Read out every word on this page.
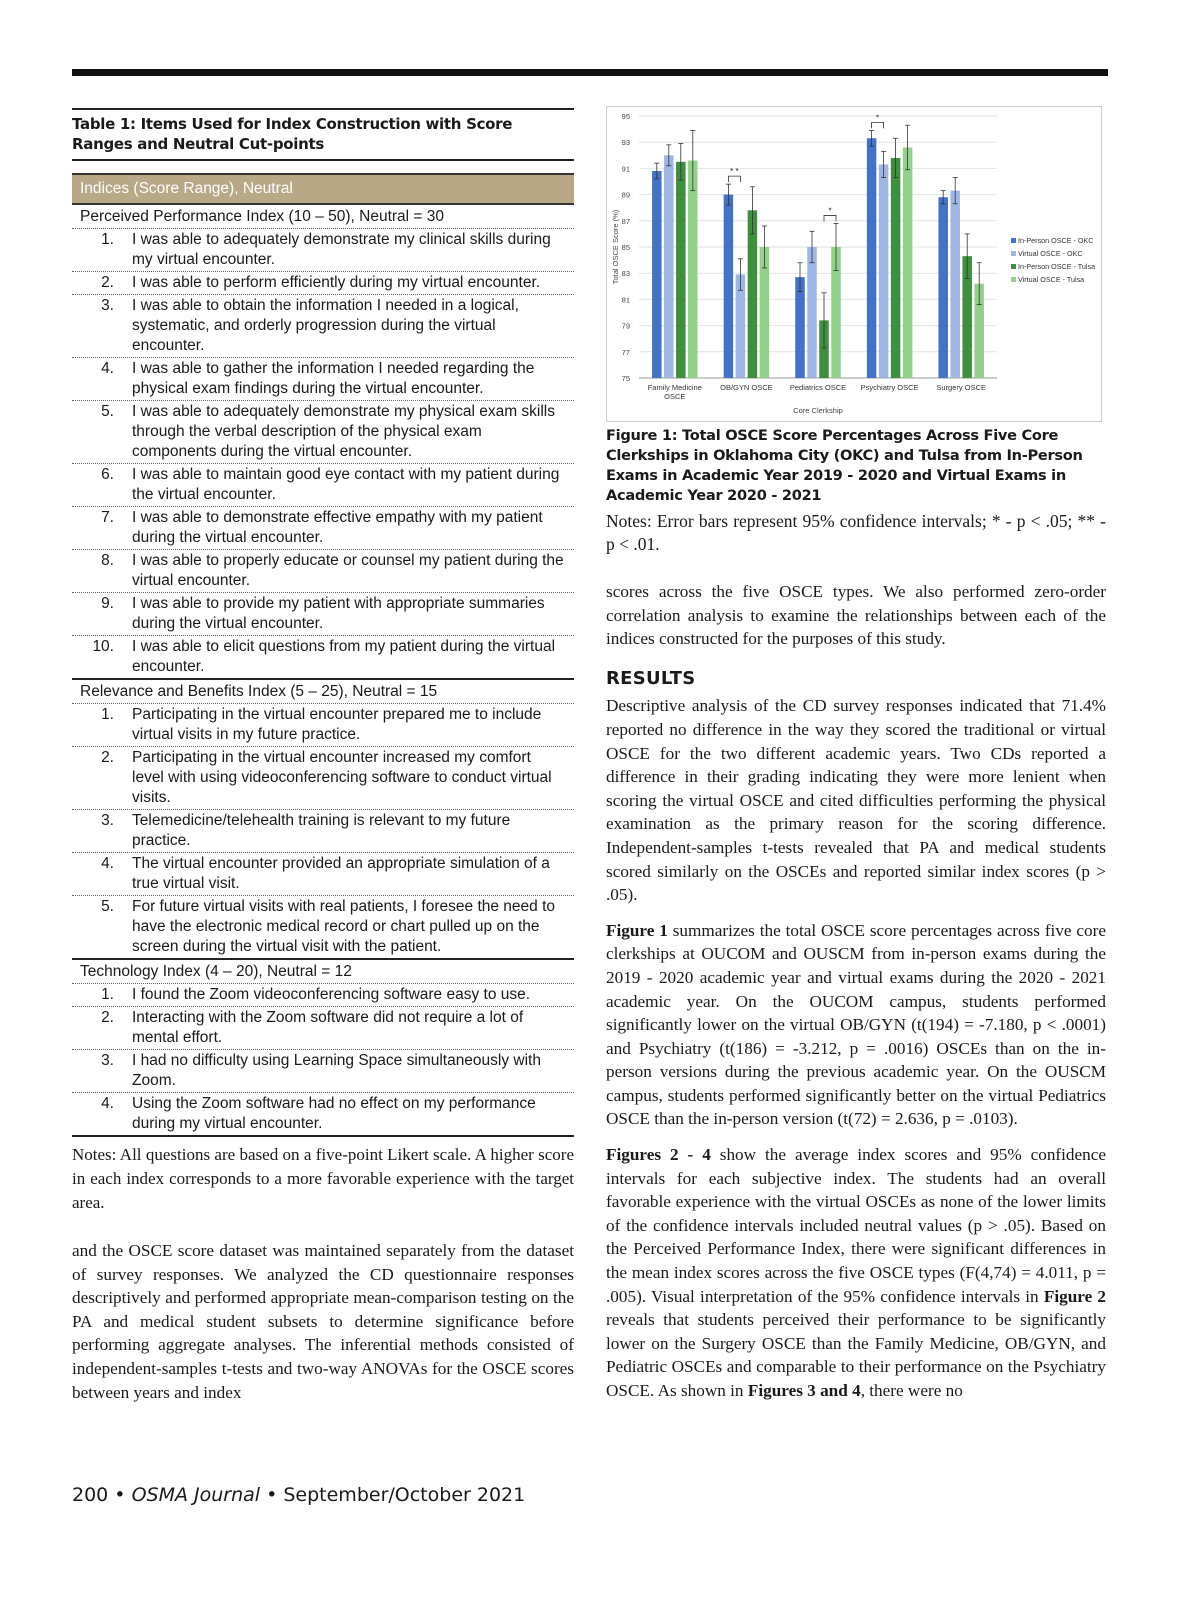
Table 1: Items Used for Index Construction with Score Ranges and Neutral Cut-points
Indices (Score Range), Neutral
Perceived Performance Index (10 – 50), Neutral = 30
1.	I was able to adequately demonstrate my clinical skills during my virtual encounter.
2.	I was able to perform efficiently during my virtual encounter.
3.	I was able to obtain the information I needed in a logical, systematic, and orderly progression during the virtual encounter.
4.	I was able to gather the information I needed regarding the physical exam findings during the virtual encounter.
5.	I was able to adequately demonstrate my physical exam skills through the verbal description of the physical exam components during the virtual encounter.
6.	I was able to maintain good eye contact with my patient during the virtual encounter.
7.	I was able to demonstrate effective empathy with my patient during the virtual encounter.
8.	I was able to properly educate or counsel my patient during the virtual encounter.
9.	I was able to provide my patient with appropriate summaries during the virtual encounter.
10.	I was able to elicit questions from my patient during the virtual encounter.
Relevance and Benefits Index (5 – 25), Neutral = 15
1.	Participating in the virtual encounter prepared me to include virtual visits in my future practice.
2.	Participating in the virtual encounter increased my comfort level with using videoconferencing software to conduct virtual visits.
3.	Telemedicine/telehealth training is relevant to my future practice.
4.	The virtual encounter provided an appropriate simulation of a true virtual visit.
5.	For future virtual visits with real patients, I foresee the need to have the electronic medical record or chart pulled up on the screen during the virtual visit with the patient.
Technology Index (4 – 20), Neutral = 12
1.	I found the Zoom videoconferencing software easy to use.
2.	Interacting with the Zoom software did not require a lot of mental effort.
3.	I had no difficulty using Learning Space simultaneously with Zoom.
4.	Using the Zoom software had no effect on my performance during my virtual encounter.
Notes: All questions are based on a five-point Likert scale. A higher score in each index corresponds to a more favorable experience with the target area.
and the OSCE score dataset was maintained separately from the dataset of survey responses. We analyzed the CD questionnaire responses descriptively and performed appropriate mean-comparison testing on the PA and medical student subsets to determine significance before performing aggregate analyses. The inferential methods consisted of independent-samples t-tests and two-way ANOVAs for the OSCE scores between years and index
75
77
79
81
83
85
87
89
91
93
95
Total OSCE Score (%)
Family Medicine
OSCE
OB/GYN OSCE Pediatrics OSCE Psychiatry OSCE Surgery OSCE
Core Clerkship
* *
*
*
In-Person OSCE - OKC
Virtual OSCE - OKC
In-Person OSCE - Tulsa
Virtual OSCE - Tulsa
Figure 1: Total OSCE Score Percentages Across Five Core Clerkships in Oklahoma City (OKC) and Tulsa from In-Person Exams in Academic Year 2019 - 2020 and Virtual Exams in Academic Year 2020 - 2021
Notes: Error bars represent 95% confidence intervals; * - p < .05; ** - p < .01.

scores across the five OSCE types. We also performed zero-order correlation analysis to examine the relationships between each of the indices constructed for the purposes of this study.

RESULTS

Descriptive analysis of the CD survey responses indicated that 71.4% reported no difference in the way they scored the traditional or virtual OSCE for the two different academic years. Two CDs reported a difference in their grading indicating they were more lenient when scoring the virtual OSCE and cited difficulties performing the physical examination as the primary reason for the scoring difference. Independent-samples t-tests revealed that PA and medical students scored similarly on the OSCEs and reported similar index scores (p > .05).

Figure 1 summarizes the total OSCE score percentages across five core clerkships at OUCOM and OUSCM from in-person exams during the 2019 - 2020 academic year and virtual exams during the 2020 - 2021 academic year. On the OUCOM campus, students performed significantly lower on the virtual OB/GYN (t(194) = -7.180, p < .0001) and Psychiatry (t(186) = -3.212, p = .0016) OSCEs than on the in-person versions during the previous academic year. On the OUSCM campus, students performed significantly better on the virtual Pediatrics OSCE than the in-person version (t(72) = 2.636, p = .0103).

Figures 2 - 4 show the average index scores and 95% confidence intervals for each subjective index. The students had an overall favorable experience with the virtual OSCEs as none of the lower limits of the confidence intervals included neutral values (p > .05). Based on the Perceived Performance Index, there were significant differences in the mean index scores across the five OSCE types (F(4,74) = 4.011, p = .005). Visual interpretation of the 95% confidence intervals in Figure 2 reveals that students perceived their performance to be significantly lower on the Surgery OSCE than the Family Medicine, OB/GYN, and Pediatric OSCEs and comparable to their performance on the Psychiatry OSCE. As shown in Figures 3 and 4, there were no

200 • OSMA Journal • September/October 2021
